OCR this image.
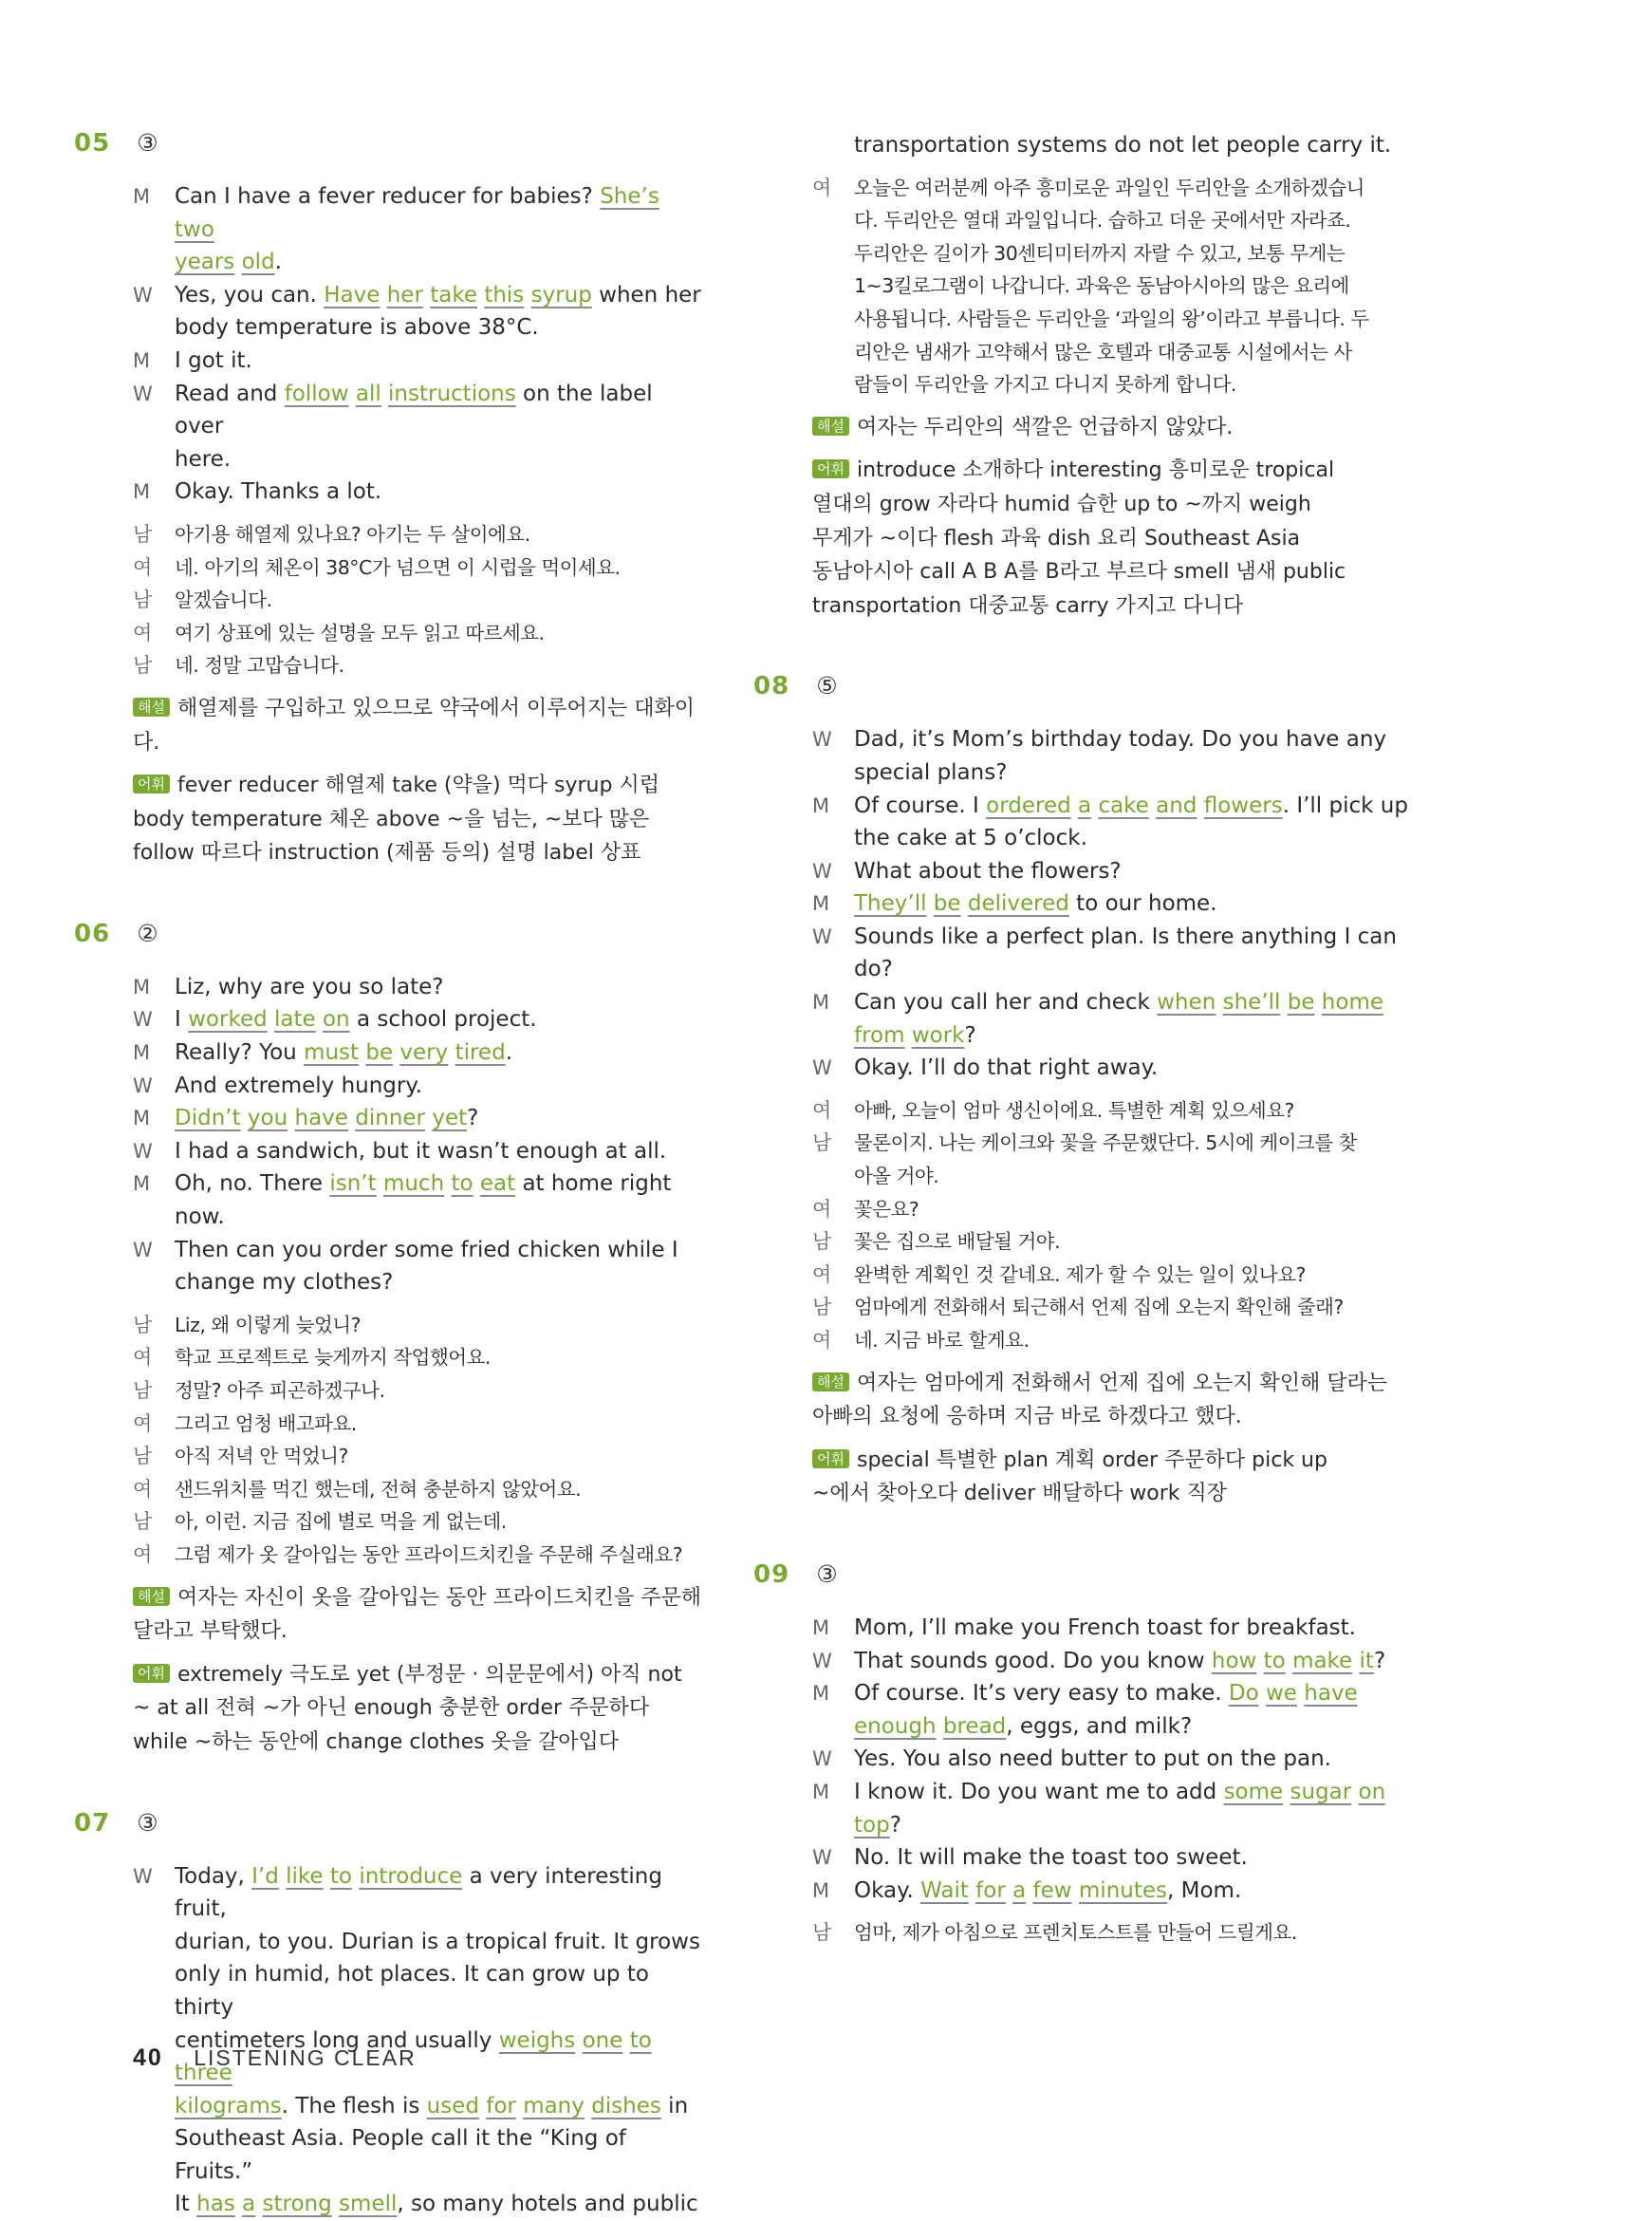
05 ③
M Can I have a fever reducer for babies? She’s two
years old.
W Yes, you can. Have her take this syrup when her
body temperature is above 38°C.
M I got it.
W Read and follow all instructions on the label over
here.
M Okay. Thanks a lot.
남 아기용 해열제 있나요? 아기는 두 살이에요.
여 네. 아기의 체온이 38°C가 넘으면 이 시럽을 먹이세요.
남 알겠습니다.
여 여기 상표에 있는 설명을 모두 읽고 따르세요.
남 네. 정말 고맙습니다.
해설 해열제를 구입하고 있으므로 약국에서 이루어지는 대화이다.
어휘 fever reducer 해열제 take (약을) 먹다 syrup 시럽
body temperature 체온 above ~을 넘는, ~보다 많은
follow 따르다 instruction (제품 등의) 설명 label 상표
06 ②
M Liz, why are you so late?
W I worked late on a school project.
M Really? You must be very tired.
W And extremely hungry.
M Didn’t you have dinner yet?
W I had a sandwich, but it wasn’t enough at all.
M Oh, no. There isn’t much to eat at home right now.
W Then can you order some fried chicken while I
change my clothes?
남 Liz, 왜 이렇게 늦었니?
여 학교 프로젝트로 늦게까지 작업했어요.
남 정말? 아주 피곤하겠구나.
여 그리고 엄청 배고파요.
남 아직 저녁 안 먹었니?
여 샌드위치를 먹긴 했는데, 전혀 충분하지 않았어요.
남 아, 이런. 지금 집에 별로 먹을 게 없는데.
여 그럼 제가 옷 갈아입는 동안 프라이드치킨을 주문해 주실래요?
해설 여자는 자신이 옷을 갈아입는 동안 프라이드치킨을 주문해
달라고 부탁했다.
어휘 extremely 극도로 yet (부정문 · 의문문에서) 아직 not
~ at all 전혀 ~가 아닌 enough 충분한 order 주문하다
while ~하는 동안에 change clothes 옷을 갈아입다
07 ③
W Today, I’d like to introduce a very interesting fruit,
durian, to you. Durian is a tropical fruit. It grows
only in humid, hot places. It can grow up to thirty
centimeters long and usually weighs one to three
kilograms. The flesh is used for many dishes in
Southeast Asia. People call it the “King of Fruits.”
It has a strong smell, so many hotels and public
transportation systems do not let people carry it.
여 오늘은 여러분께 아주 흥미로운 과일인 두리안을 소개하겠습니
다. 두리안은 열대 과일입니다. 습하고 더운 곳에서만 자라죠.
두리안은 길이가 30센티미터까지 자랄 수 있고, 보통 무게는
1~3킬로그램이 나갑니다. 과육은 동남아시아의 많은 요리에
사용됩니다. 사람들은 두리안을 ‘과일의 왕’이라고 부릅니다. 두
리안은 냄새가 고약해서 많은 호텔과 대중교통 시설에서는 사
람들이 두리안을 가지고 다니지 못하게 합니다.
해설 여자는 두리안의 색깔은 언급하지 않았다.
어휘 introduce 소개하다 interesting 흥미로운 tropical
열대의 grow 자라다 humid 습한 up to ~까지 weigh
무게가 ~이다 flesh 과육 dish 요리 Southeast Asia
동남아시아 call A B A를 B라고 부르다 smell 냄새 public
transportation 대중교통 carry 가지고 다니다
08 ⑤
W Dad, it’s Mom’s birthday today. Do you have any
special plans?
M Of course. I ordered a cake and flowers. I’ll pick up
the cake at 5 o’clock.
W What about the flowers?
M They’ll be delivered to our home.
W Sounds like a perfect plan. Is there anything I can
do?
M Can you call her and check when she’ll be home
from work?
W Okay. I’ll do that right away.
여 아빠, 오늘이 엄마 생신이에요. 특별한 계획 있으세요?
남 물론이지. 나는 케이크와 꽃을 주문했단다. 5시에 케이크를 찾
아올 거야.
여 꽃은요?
남 꽃은 집으로 배달될 거야.
여 완벽한 계획인 것 같네요. 제가 할 수 있는 일이 있나요?
남 엄마에게 전화해서 퇴근해서 언제 집에 오는지 확인해 줄래?
여 네. 지금 바로 할게요.
해설 여자는 엄마에게 전화해서 언제 집에 오는지 확인해 달라는
아빠의 요청에 응하며 지금 바로 하겠다고 했다.
어휘 special 특별한 plan 계획 order 주문하다 pick up
~에서 찾아오다 deliver 배달하다 work 직장
09 ③
M Mom, I’ll make you French toast for breakfast.
W That sounds good. Do you know how to make it?
M Of course. It’s very easy to make. Do we have
enough bread, eggs, and milk?
W Yes. You also need butter to put on the pan.
M I know it. Do you want me to add some sugar on
top?
W No. It will make the toast too sweet.
M Okay. Wait for a few minutes, Mom.
남 엄마, 제가 아침으로 프렌치토스트를 만들어 드릴게요.
40 LISTENING CLEAR
